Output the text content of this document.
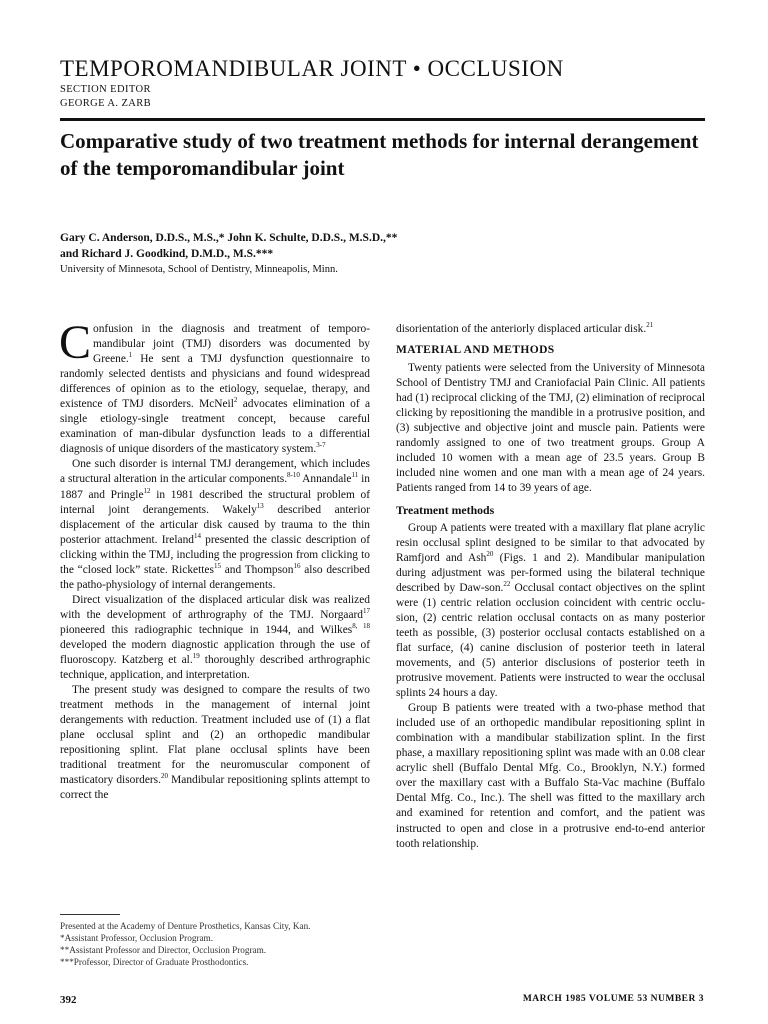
TEMPOROMANDIBULAR JOINT • OCCLUSION
SECTION EDITOR
GEORGE A. ZARB
Comparative study of two treatment methods for internal derangement of the temporomandibular joint
Gary C. Anderson, D.D.S., M.S.,* John K. Schulte, D.D.S., M.S.D.,**
and Richard J. Goodkind, D.M.D., M.S.***
University of Minnesota, School of Dentistry, Minneapolis, Minn.

Confusion in the diagnosis and treatment of temporo-mandibular joint (TMJ) disorders was documented by Greene.$^1$ He sent a TMJ dysfunction questionnaire to randomly selected dentists and physicians and found widespread differences of opinion as to the etiology, sequelae, therapy, and existence of TMJ disorders. McNeil$^2$ advocates elimination of a single etiology-single treatment concept, because careful examination of man-dibular dysfunction leads to a differential diagnosis of unique disorders of the masticatory system.$^{3-7}$

One such disorder is internal TMJ derangement, which includes a structural alteration in the articular components.$^{8-10}$ Annandale$^{11}$ in 1887 and Pringle$^{12}$ in 1981 described the structural problem of internal joint derangements. Wakely$^{13}$ described anterior displacement of the articular disk caused by trauma to the thin posterior attachment. Ireland$^{14}$ presented the classic description of clicking within the TMJ, including the progression from clicking to the “closed lock” state. Rickettes$^{15}$ and Thompson$^{16}$ also described the patho-physiology of internal derangements.

Direct visualization of the displaced articular disk was realized with the development of arthrography of the TMJ. Norgaard$^{17}$ pioneered this radiographic technique in 1944, and Wilkes$^{8, 18}$ developed the modern diagnostic application through the use of fluoroscopy. Katzberg et al.$^{19}$ thoroughly described arthrographic technique, application, and interpretation.

The present study was designed to compare the results of two treatment methods in the management of internal joint derangements with reduction. Treatment included use of (1) a flat plane occlusal splint and (2) an orthopedic mandibular repositioning splint. Flat plane occlusal splints have been traditional treatment for the neuromuscular component of masticatory disorders.$^{20}$ Mandibular repositioning splints attempt to correct the

disorientation of the anteriorly displaced articular disk.$^{21}$

MATERIAL AND METHODS

Twenty patients were selected from the University of Minnesota School of Dentistry TMJ and Craniofacial Pain Clinic. All patients had (1) reciprocal clicking of the TMJ, (2) elimination of reciprocal clicking by repositioning the mandible in a protrusive position, and (3) subjective and objective joint and muscle pain. Patients were randomly assigned to one of two treatment groups. Group A included 10 women with a mean age of 23.5 years. Group B included nine women and one man with a mean age of 24 years. Patients ranged from 14 to 39 years of age.

Treatment methods

Group A patients were treated with a maxillary flat plane acrylic resin occlusal splint designed to be similar to that advocated by Ramfjord and Ash$^{20}$ (Figs. 1 and 2). Mandibular manipulation during adjustment was per-formed using the bilateral technique described by Daw-son.$^{22}$ Occlusal contact objectives on the splint were (1) centric relation occlusion coincident with centric occlu-sion, (2) centric relation occlusal contacts on as many posterior teeth as possible, (3) posterior occlusal contacts established on a flat surface, (4) canine disclusion of posterior teeth in lateral movements, and (5) anterior disclusions of posterior teeth in protrusive movement. Patients were instructed to wear the occlusal splints 24 hours a day.

Group B patients were treated with a two-phase method that included use of an orthopedic mandibular repositioning splint in combination with a mandibular stabilization splint. In the first phase, a maxillary repositioning splint was made with an 0.08 clear acrylic shell (Buffalo Dental Mfg. Co., Brooklyn, N.Y.) formed over the maxillary cast with a Buffalo Sta-Vac machine (Buffalo Dental Mfg. Co., Inc.). The shell was fitted to the maxillary arch and examined for retention and comfort, and the patient was instructed to open and close in a protrusive end-to-end anterior tooth relationship.

Presented at the Academy of Denture Prosthetics, Kansas City, Kan.
*Assistant Professor, Occlusion Program.
**Assistant Professor and Director, Occlusion Program.
***Professor, Director of Graduate Prosthodontics.
392	MARCH 1985 VOLUME 53 NUMBER 3
